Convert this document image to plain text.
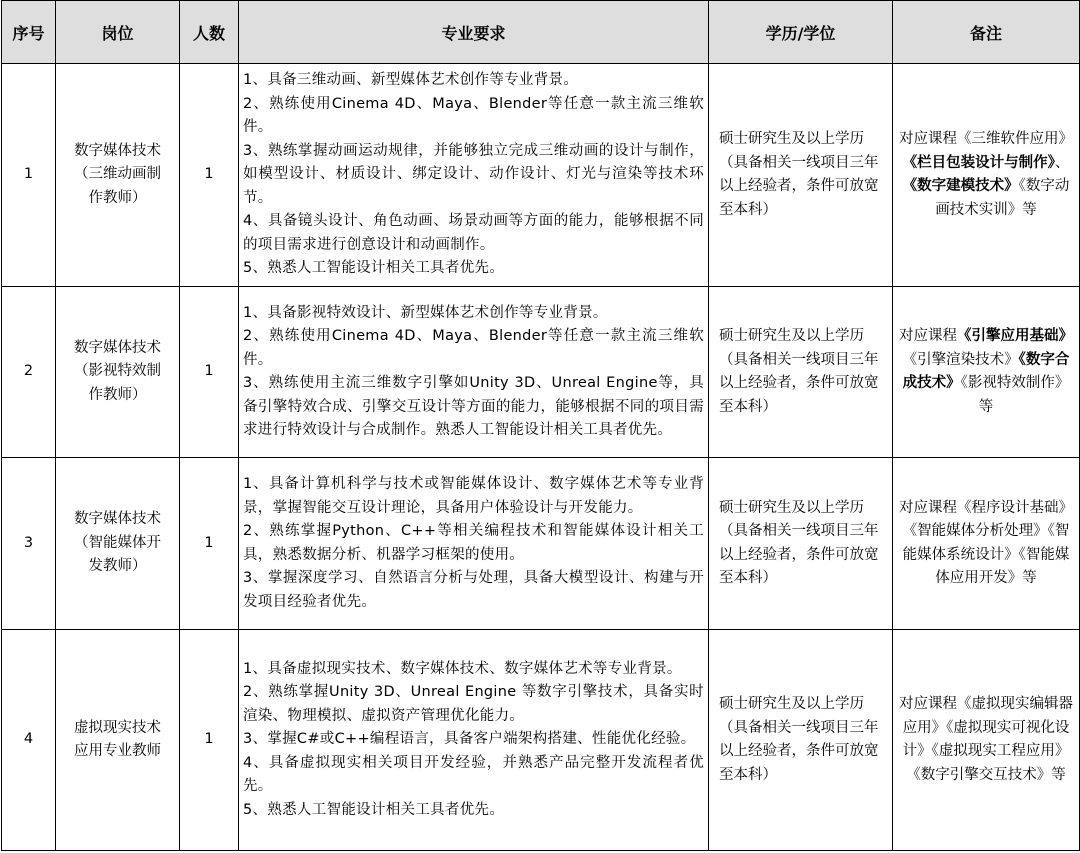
序号	岗位	人数	专业要求	学历/学位	备注
1	数字媒体技术
（三维动画制
作教师）	1	1、具备三维动画、新型媒体艺术创作等专业背景。
2、熟练使用Cinema 4D、Maya、Blender等任意一款主流三维软件。
3、熟练掌握动画运动规律，并能够独立完成三维动画的设计与制作，如模型设计、材质设计、绑定设计、动作设计、灯光与渲染等技术环节。
4、具备镜头设计、角色动画、场景动画等方面的能力，能够根据不同的项目需求进行创意设计和动画制作。
5、熟悉人工智能设计相关工具者优先。	硕士研究生及以上学历（具备相关一线项目三年以上经验者，条件可放宽至本科）	对应课程《三维软件应用》《栏目包装设计与制作》、《数字建模技术》《数字动画技术实训》等
2	数字媒体技术
（影视特效制
作教师）	1	1、具备影视特效设计、新型媒体艺术创作等专业背景。
2、熟练使用Cinema 4D、Maya、Blender等任意一款主流三维软件。
3、熟练使用主流三维数字引擎如Unity 3D、Unreal Engine等，具备引擎特效合成、引擎交互设计等方面的能力，能够根据不同的项目需求进行特效设计与合成制作。熟悉人工智能设计相关工具者优先。	硕士研究生及以上学历（具备相关一线项目三年以上经验者，条件可放宽至本科）	对应课程《引擎应用基础》《引擎渲染技术》《数字合成技术》《影视特效制作》等
3	数字媒体技术
（智能媒体开
发教师）	1	1、具备计算机科学与技术或智能媒体设计、数字媒体艺术等专业背景，掌握智能交互设计理论，具备用户体验设计与开发能力。
2、熟练掌握Python、C++等相关编程技术和智能媒体设计相关工具，熟悉数据分析、机器学习框架的使用。
3、掌握深度学习、自然语言分析与处理，具备大模型设计、构建与开发项目经验者优先。	硕士研究生及以上学历（具备相关一线项目三年以上经验者，条件可放宽至本科）	对应课程《程序设计基础》《智能媒体分析处理》《智能媒体系统设计》《智能媒体应用开发》等
4	虚拟现实技术
应用专业教师	1	1、具备虚拟现实技术、数字媒体技术、数字媒体艺术等专业背景。
2、熟练掌握Unity 3D、Unreal Engine 等数字引擎技术，具备实时渲染、物理模拟、虚拟资产管理优化能力。
3、掌握C#或C++编程语言，具备客户端架构搭建、性能优化经验。
4、具备虚拟现实相关项目开发经验，并熟悉产品完整开发流程者优先。
5、熟悉人工智能设计相关工具者优先。	硕士研究生及以上学历（具备相关一线项目三年以上经验者，条件可放宽至本科）	对应课程《虚拟现实编辑器应用》《虚拟现实可视化设计》《虚拟现实工程应用》《数字引擎交互技术》等
